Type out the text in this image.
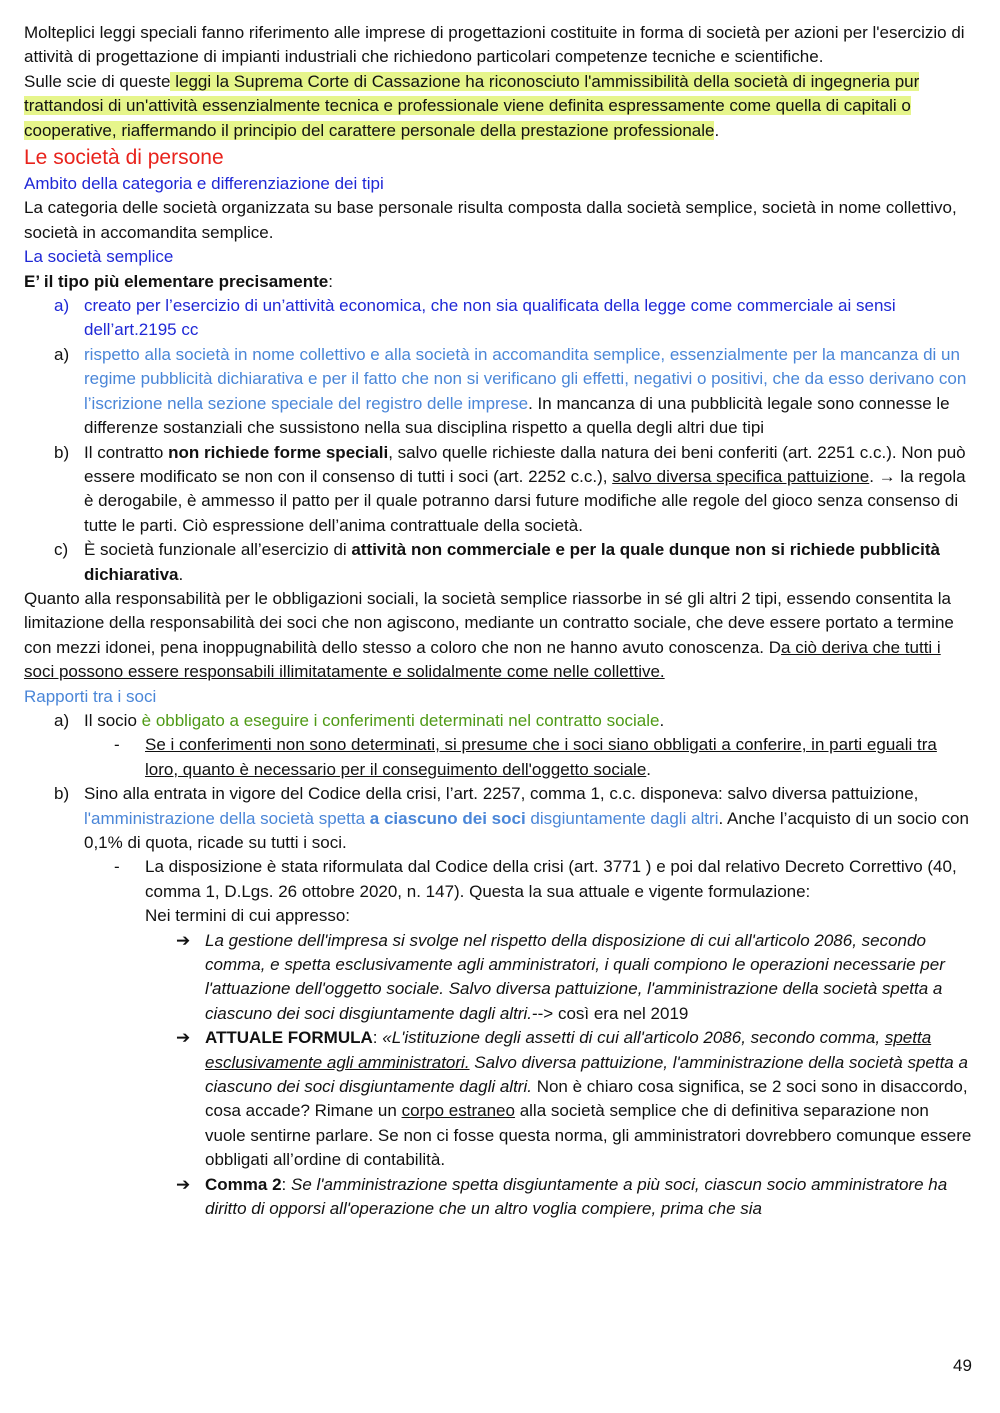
Molteplici leggi speciali fanno riferimento alle imprese di progettazioni costituite in forma di società per azioni per l'esercizio di attività di progettazione di impianti industriali che richiedono particolari competenze tecniche e scientifiche.

Sulle scie di queste leggi la Suprema Corte di Cassazione ha riconosciuto l'ammissibilità della società di ingegneria pur trattandosi di un'attività essenzialmente tecnica e professionale viene definita espressamente come quella di capitali o cooperative, riaffermando il principio del carattere personale della prestazione professionale.

Le società di persone

Ambito della categoria e differenziazione dei tipi

La categoria delle società organizzata su base personale risulta composta dalla società semplice, società in nome collettivo, società in accomandita semplice.

La società semplice

E’ il tipo più elementare precisamente:

a) creato per l’esercizio di un’attività economica, che non sia qualificata della legge come commerciale ai sensi dell’art.2195 cc
a) rispetto alla società in nome collettivo e alla società in accomandita semplice, essenzialmente per la mancanza di un regime pubblicità dichiarativa e per il fatto che non si verificano gli effetti, negativi o positivi, che da esso derivano con l’iscrizione nella sezione speciale del registro delle imprese. In mancanza di una pubblicità legale sono connesse le differenze sostanziali che sussistono nella sua disciplina rispetto a quella degli altri due tipi
b) Il contratto non richiede forme speciali, salvo quelle richieste dalla natura dei beni conferiti (art. 2251 c.c.). Non può essere modificato se non con il consenso di tutti i soci (art. 2252 c.c.), salvo diversa specifica pattuizione. → la regola è derogabile, è ammesso il patto per il quale potranno darsi future modifiche alle regole del gioco senza consenso di tutte le parti. Ciò espressione dell’anima contrattuale della società.
c) È società funzionale all’esercizio di attività non commerciale e per la quale dunque non si richiede pubblicità dichiarativa.

Quanto alla responsabilità per le obbligazioni sociali, la società semplice riassorbe in sé gli altri 2 tipi, essendo consentita la limitazione della responsabilità dei soci che non agiscono, mediante un contratto sociale, che deve essere portato a termine con mezzi idonei, pena inoppugnabilità dello stesso a coloro che non ne hanno avuto conoscenza. Da ciò deriva che tutti i soci possono essere responsabili illimitatamente e solidalmente come nelle collettive.

Rapporti tra i soci

a) Il socio è obbligato a eseguire i conferimenti determinati nel contratto sociale.
- Se i conferimenti non sono determinati, si presume che i soci siano obbligati a conferire, in parti eguali tra loro, quanto è necessario per il conseguimento dell'oggetto sociale.
b) Sino alla entrata in vigore del Codice della crisi, l’art. 2257, comma 1, c.c. disponeva: salvo diversa pattuizione, l'amministrazione della società spetta a ciascuno dei soci disgiuntamente dagli altri. Anche l’acquisto di un socio con 0,1% di quota, ricade su tutti i soci.
- La disposizione è stata riformulata dal Codice della crisi (art. 3771 ) e poi dal relativo Decreto Correttivo (40, comma 1, D.Lgs. 26 ottobre 2020, n. 147). Questa la sua attuale e vigente formulazione:

Nei termini di cui appresso:

➔ La gestione dell'impresa si svolge nel rispetto della disposizione di cui all'articolo 2086, secondo comma, e spetta esclusivamente agli amministratori, i quali compiono le operazioni necessarie per l'attuazione dell'oggetto sociale. Salvo diversa pattuizione, l'amministrazione della società spetta a ciascuno dei soci disgiuntamente dagli altri.--> così era nel 2019
➔ ATTUALE FORMULA: «L'istituzione degli assetti di cui all'articolo 2086, secondo comma, spetta esclusivamente agli amministratori. Salvo diversa pattuizione, l'amministrazione della società spetta a ciascuno dei soci disgiuntamente dagli altri. Non è chiaro cosa significa, se 2 soci sono in disaccordo, cosa accade? Rimane un corpo estraneo alla società semplice che di definitiva separazione non vuole sentirne parlare. Se non ci fosse questa norma, gli amministratori dovrebbero comunque essere obbligati all’ordine di contabilità.
➔ Comma 2: Se l'amministrazione spetta disgiuntamente a più soci, ciascun socio amministratore ha diritto di opporsi all'operazione che un altro voglia compiere, prima che sia
49
